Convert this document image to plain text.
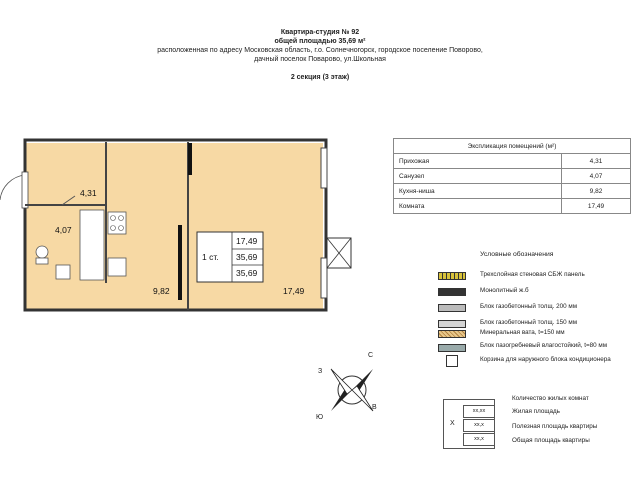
Квартира-студия № 92
общей площадью 35,69 м²
расположенная по адресу Московская область, г.о. Солнечногорск, городское поселение Поворово,
дачный поселок Поварово, ул.Школьная
2 секция (3 этаж)
4,31
4,07
9,82	17,49
1 ст.
17,49
35,69
35,69
Экспликация помещений (м²)	
Прихожая	4,31
Санузел	4,07
Кухня-ниша	9,82
Комната	17,49
Условные обозначения
Трехслойная стеновая СБЖ панель
Монолитный ж.б
Блок газобетонный толщ. 200 мм
Блок газобетонный толщ. 150 мм
Минеральная вата, t=150 мм
Блок пазогребневый влагостойкий, t=80 мм
Корзина для наружного блока кондиционера
С
Ю
В
З
X
xx,xx
xx,x
xx,x
Количество жилых комнат
Жилая площадь
Полезная площадь квартиры
Общая площадь квартиры
